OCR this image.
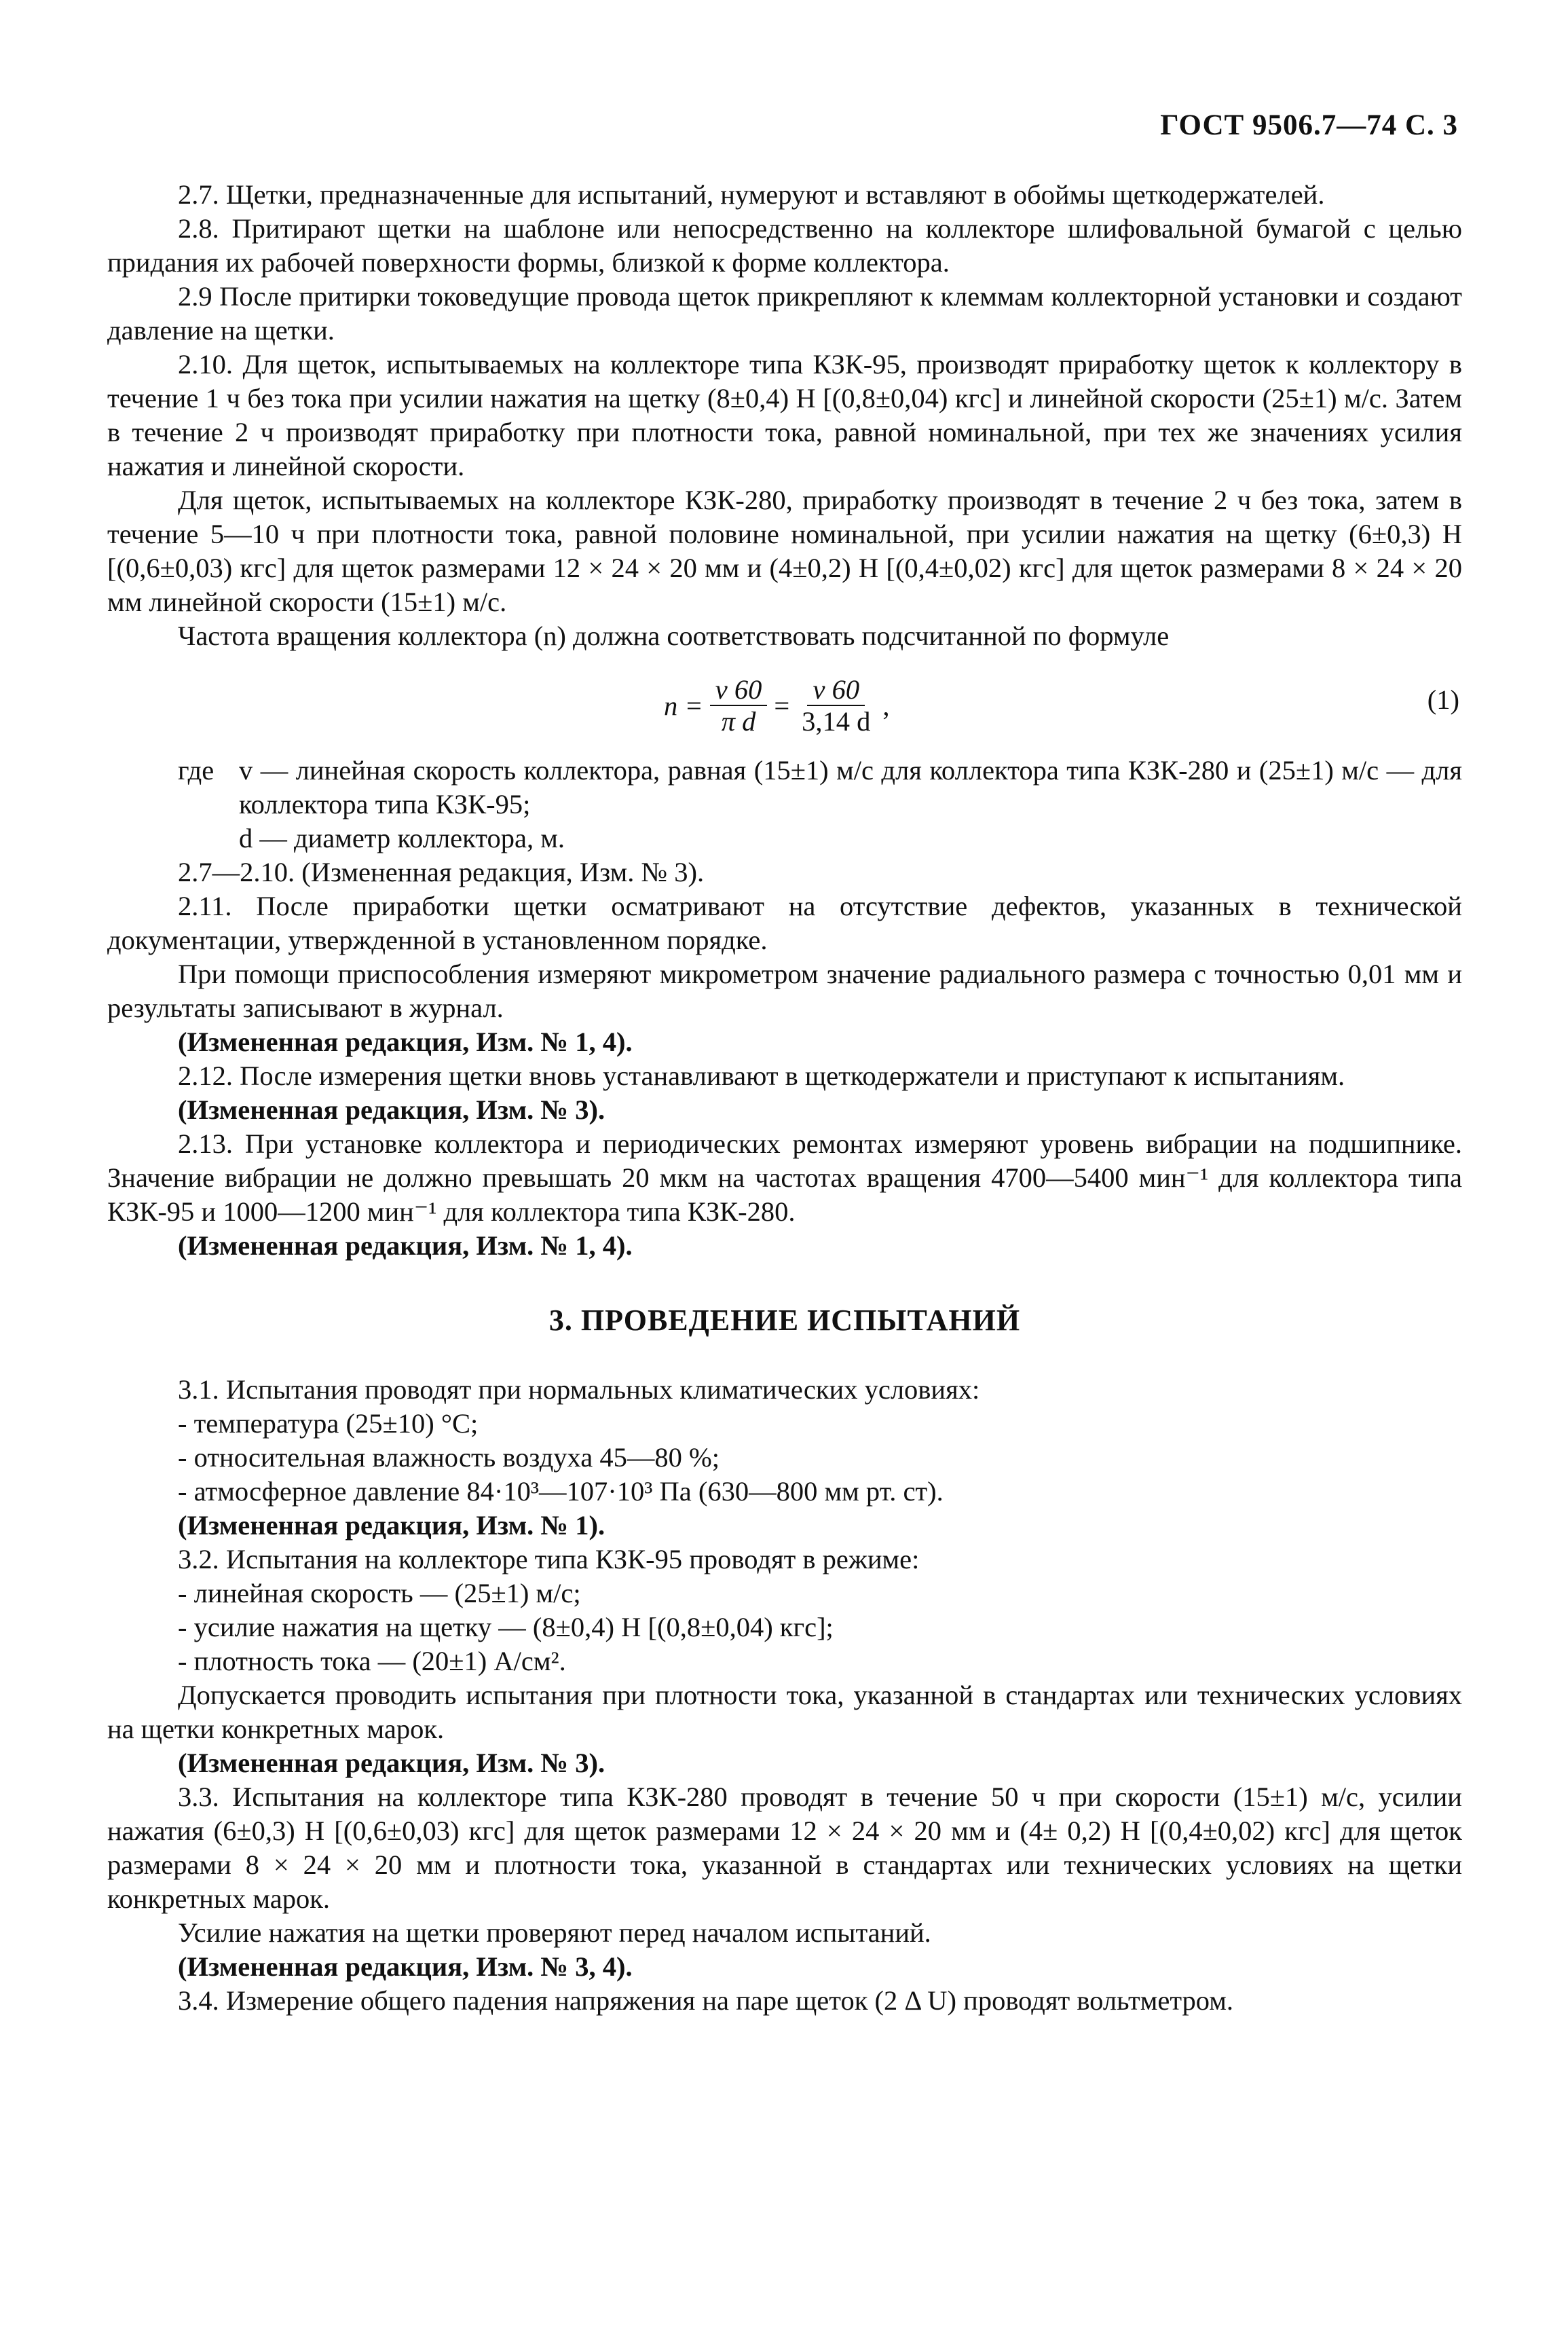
ГОСТ 9506.7—74 С. 3

2.7. Щетки, предназначенные для испытаний, нумеруют и вставляют в обоймы щеткодержателей.

2.8. Притирают щетки на шаблоне или непосредственно на коллекторе шлифовальной бумагой с целью придания их рабочей поверхности формы, близкой к форме коллектора.

2.9 После притирки токоведущие провода щеток прикрепляют к клеммам коллекторной установки и создают давление на щетки.

2.10. Для щеток, испытываемых на коллекторе типа КЗК-95, производят приработку щеток к коллектору в течение 1 ч без тока при усилии нажатия на щетку (8±0,4) Н [(0,8±0,04) кгс] и линейной скорости (25±1) м/с. Затем в течение 2 ч производят приработку при плотности тока, равной номинальной, при тех же значениях усилия нажатия и линейной скорости.

Для щеток, испытываемых на коллекторе КЗК-280, приработку производят в течение 2 ч без тока, затем в течение 5—10 ч при плотности тока, равной половине номинальной, при усилии нажатия на щетку (6±0,3) Н [(0,6±0,03) кгс] для щеток размерами 12 × 24 × 20 мм и (4±0,2) Н [(0,4±0,02) кгс] для щеток размерами 8 × 24 × 20 мм линейной скорости (15±1) м/с.

Частота вращения коллектора (n) должна соответствовать подсчитанной по формуле

$n = \frac{v 60}{\text{π d}} = \frac{v 60}{3,14 d}$ ,	(1)
где v — линейная скорость коллектора, равная (15±1) м/с для коллектора типа КЗК-280 и (25±1) м/с — для коллектора типа КЗК-95;
d — диаметр коллектора, м.

2.7—2.10. (Измененная редакция, Изм. № 3).

2.11. После приработки щетки осматривают на отсутствие дефектов, указанных в технической документации, утвержденной в установленном порядке.

При помощи приспособления измеряют микрометром значение радиального размера с точностью 0,01 мм и результаты записывают в журнал.

(Измененная редакция, Изм. № 1, 4).

2.12. После измерения щетки вновь устанавливают в щеткодержатели и приступают к испытаниям.

(Измененная редакция, Изм. № 3).

2.13. При установке коллектора и периодических ремонтах измеряют уровень вибрации на подшипнике. Значение вибрации не должно превышать 20 мкм на частотах вращения 4700—5400 мин⁻¹ для коллектора типа КЗК-95 и 1000—1200 мин⁻¹ для коллектора типа КЗК-280.

(Измененная редакция, Изм. № 1, 4).

3. ПРОВЕДЕНИЕ ИСПЫТАНИЙ

3.1. Испытания проводят при нормальных климатических условиях:

- температура (25±10) °С;

- относительная влажность воздуха 45—80 %;

- атмосферное давление 84·10³—107·10³ Па (630—800 мм рт. ст).

(Измененная редакция, Изм. № 1).

3.2. Испытания на коллекторе типа КЗК-95 проводят в режиме:

- линейная скорость — (25±1) м/с;

- усилие нажатия на щетку — (8±0,4) Н [(0,8±0,04) кгс];

- плотность тока — (20±1) А/см².

Допускается проводить испытания при плотности тока, указанной в стандартах или технических условиях на щетки конкретных марок.

(Измененная редакция, Изм. № 3).

3.3. Испытания на коллекторе типа КЗК-280 проводят в течение 50 ч при скорости (15±1) м/с, усилии нажатия (6±0,3) Н [(0,6±0,03) кгс] для щеток размерами 12 × 24 × 20 мм и (4± 0,2) Н [(0,4±0,02) кгс] для щеток размерами 8 × 24 × 20 мм и плотности тока, указанной в стандартах или технических условиях на щетки конкретных марок.

Усилие нажатия на щетки проверяют перед началом испытаний.

(Измененная редакция, Изм. № 3, 4).

3.4. Измерение общего падения напряжения на паре щеток (2 Δ U) проводят вольтметром.
